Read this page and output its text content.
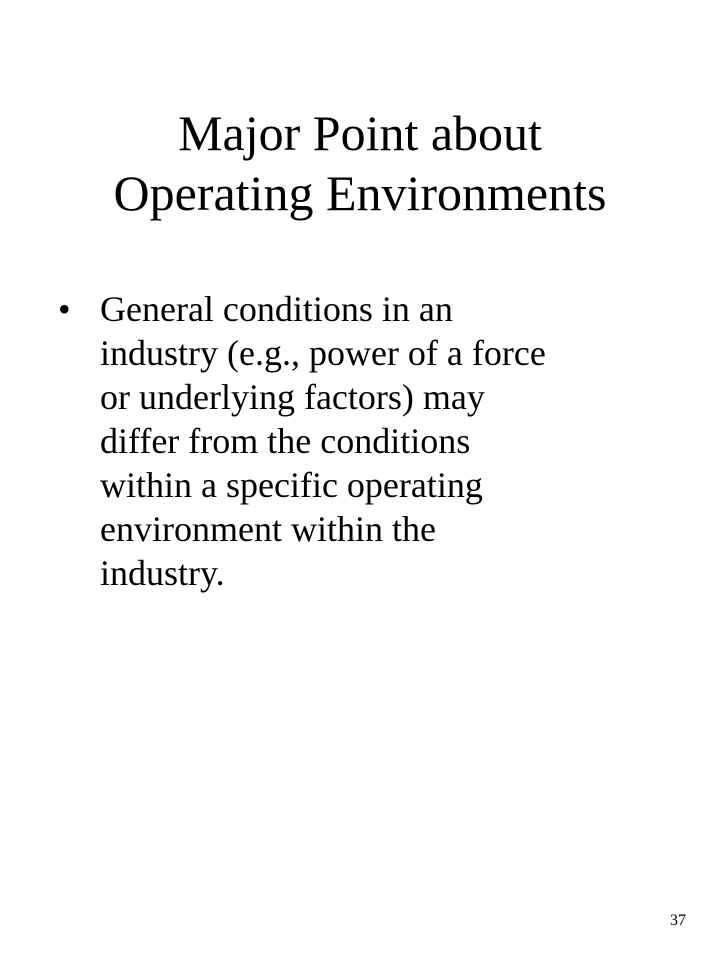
Major Point about
Operating Environments
• General conditions in an
industry (e.g., power of a force
or underlying factors) may
differ from the conditions
within a specific operating
environment within the
industry.
37
